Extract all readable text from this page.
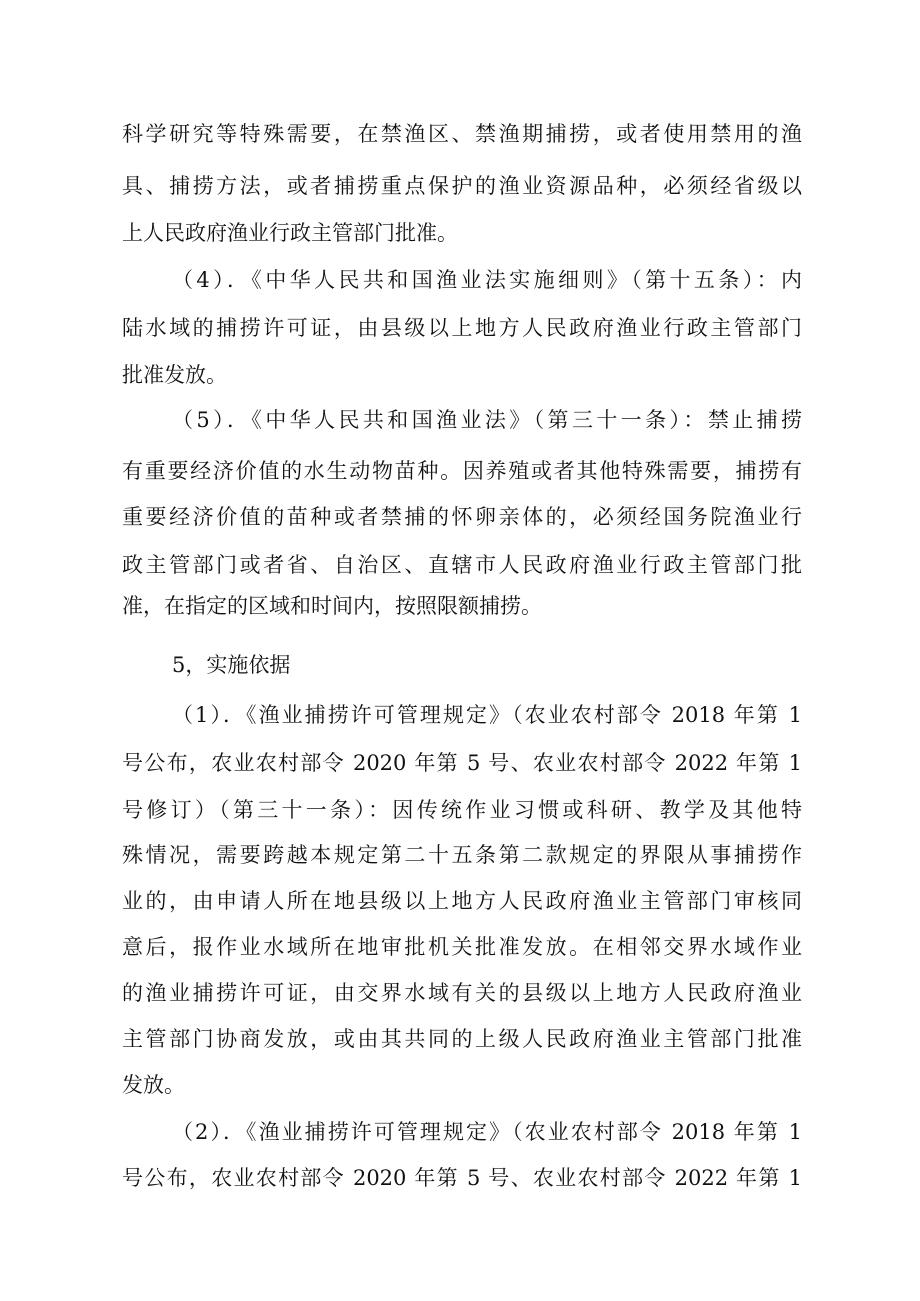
科学研究等特殊需要，在禁渔区、禁渔期捕捞，或者使用禁用的渔
具、捕捞方法，或者捕捞重点保护的渔业资源品种，必须经省级以
上人民政府渔业行政主管部门批准。
（4）．《中华人民共和国渔业法实施细则》（第十五条）：内
陆水域的捕捞许可证，由县级以上地方人民政府渔业行政主管部门
批准发放。
（5）．《中华人民共和国渔业法》（第三十一条）：禁止捕捞
有重要经济价值的水生动物苗种。因养殖或者其他特殊需要，捕捞有
重要经济价值的苗种或者禁捕的怀卵亲体的，必须经国务院渔业行
政主管部门或者省、自治区、直辖市人民政府渔业行政主管部门批
准，在指定的区域和时间内，按照限额捕捞。
5，实施依据
（1）．《渔业捕捞许可管理规定》（农业农村部令 2018 年第 1
号公布，农业农村部令 2020 年第 5 号、农业农村部令 2022 年第 1
号修订）（第三十一条）：因传统作业习惯或科研、教学及其他特
殊情况，需要跨越本规定第二十五条第二款规定的界限从事捕捞作
业的，由申请人所在地县级以上地方人民政府渔业主管部门审核同
意后，报作业水域所在地审批机关批准发放。在相邻交界水域作业
的渔业捕捞许可证，由交界水域有关的县级以上地方人民政府渔业
主管部门协商发放，或由其共同的上级人民政府渔业主管部门批准
发放。
（2）．《渔业捕捞许可管理规定》（农业农村部令 2018 年第 1
号公布，农业农村部令 2020 年第 5 号、农业农村部令 2022 年第 1
